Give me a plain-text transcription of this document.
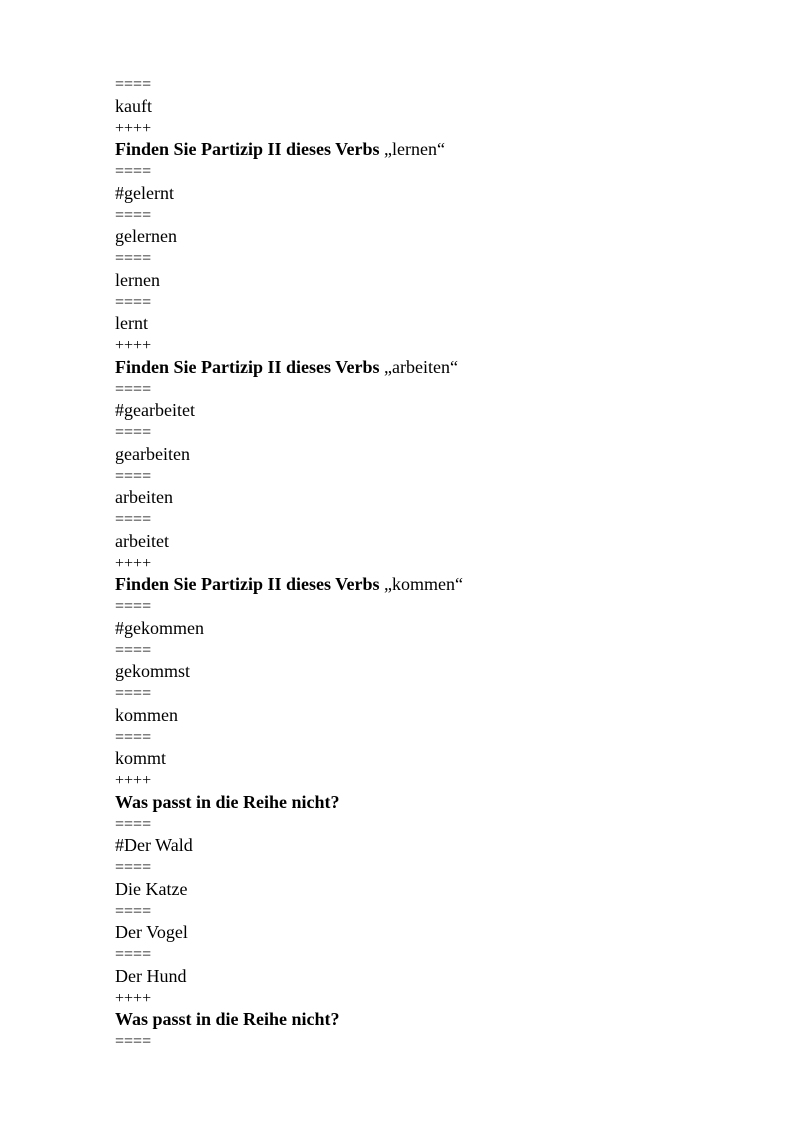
====
kauft
++++
Finden Sie Partizip II dieses Verbs „lernen“
====
#gelernt
====
gelernen
====
lernen
====
lernt
++++
Finden Sie Partizip II dieses Verbs „arbeiten“
====
#gearbeitet
====
gearbeiten
====
arbeiten
====
arbeitet
++++
Finden Sie Partizip II dieses Verbs „kommen“
====
#gekommen
====
gekommst
====
kommen
====
kommt
++++
Was passt in die Reihe nicht?
====
#Der Wald
====
Die Katze
====
Der Vogel
====
Der Hund
++++
Was passt in die Reihe nicht?
====
